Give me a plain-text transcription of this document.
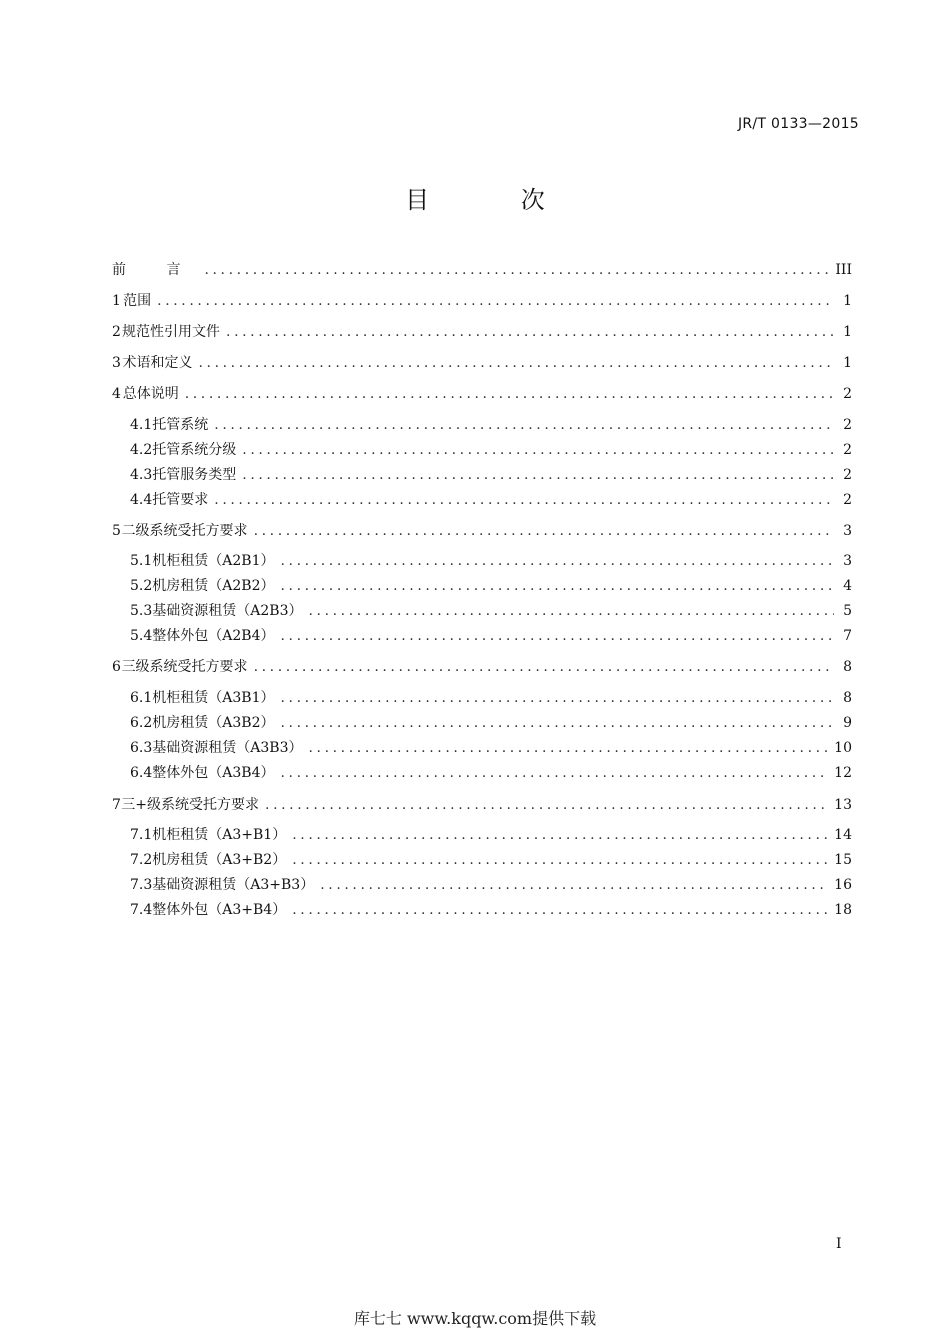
JR/T 0133—2015
目 次
前 言 .....	III
1 范围 .....	1
2 规范性引用文件 .....	1
3 术语和定义 .....	1
4 总体说明 .....	2
4.1 托管系统 .....	2
4.2 托管系统分级 .....	2
4.3 托管服务类型 .....	2
4.4 托管要求 .....	2
5 二级系统受托方要求 .....	3
5.1 机柜租赁（A2B1） .....	3
5.2 机房租赁（A2B2） .....	4
5.3 基础资源租赁（A2B3） .....	5
5.4 整体外包（A2B4） .....	7
6 三级系统受托方要求 .....	8
6.1 机柜租赁（A3B1） .....	8
6.2 机房租赁（A3B2） .....	9
6.3 基础资源租赁（A3B3） .....	10
6.4 整体外包（A3B4） .....	12
7 三+级系统受托方要求 .....	13
7.1 机柜租赁（A3+B1） .....	14
7.2 机房租赁（A3+B2） .....	15
7.3 基础资源租赁（A3+B3） .....	16
7.4 整体外包（A3+B4） .....	18
I
库七七 www.kqqw.com提供下载
